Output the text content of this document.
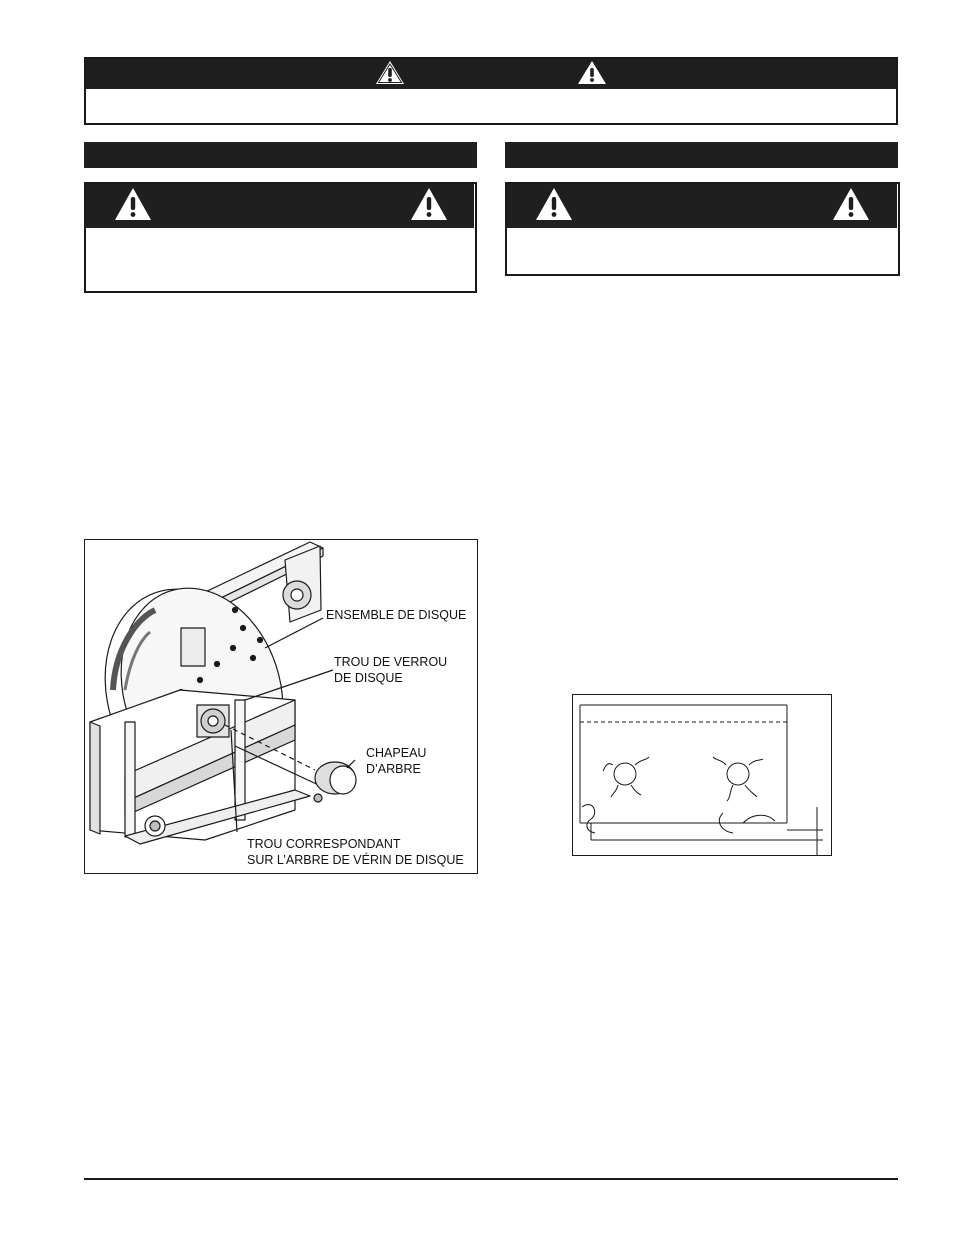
ENSEMBLE DE DISQUE
TROU DE VERROU
DE DISQUE
CHAPEAU
D’ARBRE
TROU CORRESPONDANT
SUR L’ARBRE DE VÉRIN DE DISQUE
